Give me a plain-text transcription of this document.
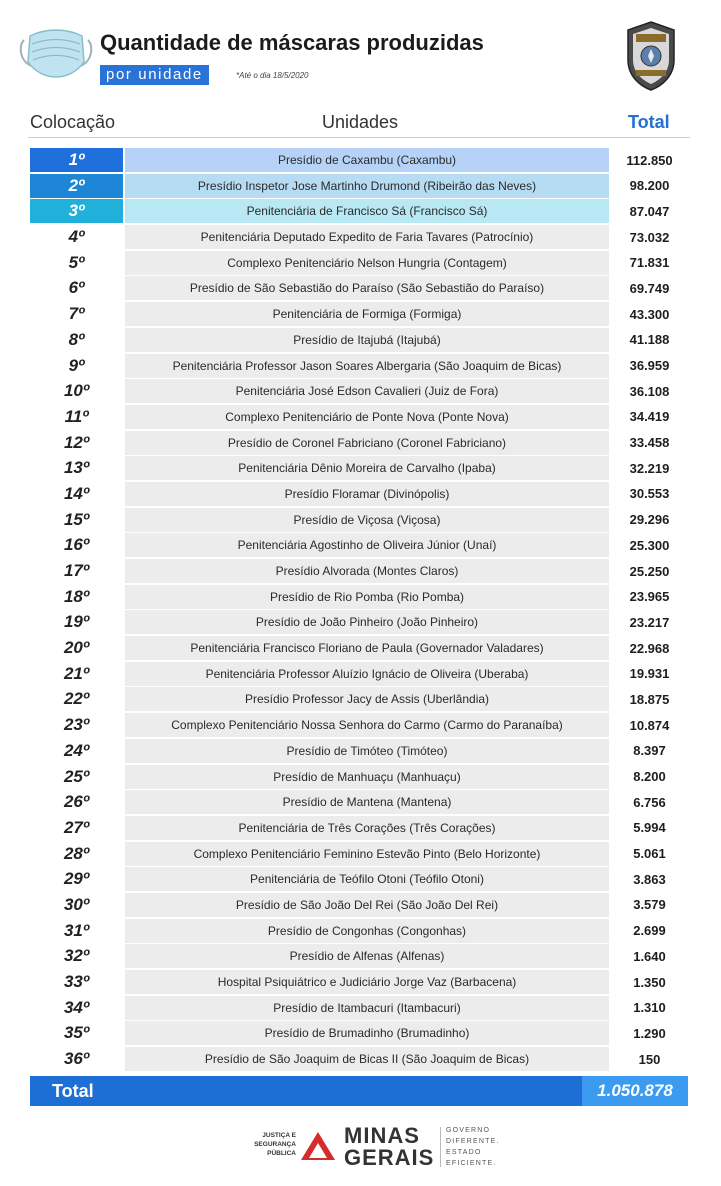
Quantidade de máscaras produzidas
por unidade	*Até o dia 18/5/2020
Colocação	Unidades	Total
1º	Presídio de Caxambu (Caxambu)	112.850
2º	Presídio Inspetor Jose Martinho Drumond (Ribeirão das Neves)	98.200
3º	Penitenciária de Francisco Sá (Francisco Sá)	87.047
4º	Penitenciária Deputado Expedito de Faria Tavares (Patrocínio)	73.032
5º	Complexo Penitenciário Nelson Hungria (Contagem)	71.831
6º	Presídio de São Sebastião do Paraíso (São Sebastião do Paraíso)	69.749
7º	Penitenciária de Formiga (Formiga)	43.300
8º	Presídio de Itajubá (Itajubá)	41.188
9º	Penitenciária Professor Jason Soares Albergaria (São Joaquim de Bicas)	36.959
10º	Penitenciária José Edson Cavalieri (Juiz de Fora)	36.108
11º	Complexo Penitenciário de Ponte Nova (Ponte Nova)	34.419
12º	Presídio de Coronel Fabriciano (Coronel Fabriciano)	33.458
13º	Penitenciária Dênio Moreira de Carvalho (Ipaba)	32.219
14º	Presídio Floramar (Divinópolis)	30.553
15º	Presídio de Viçosa (Viçosa)	29.296
16º	Penitenciária Agostinho de Oliveira Júnior (Unaí)	25.300
17º	Presídio Alvorada (Montes Claros)	25.250
18º	Presídio de Rio Pomba (Rio Pomba)	23.965
19º	Presídio de João Pinheiro (João Pinheiro)	23.217
20º	Penitenciária Francisco Floriano de Paula (Governador Valadares)	22.968
21º	Penitenciária Professor Aluízio Ignácio de Oliveira (Uberaba)	19.931
22º	Presídio Professor Jacy de Assis (Uberlândia)	18.875
23º	Complexo Penitenciário Nossa Senhora do Carmo (Carmo do Paranaíba)	10.874
24º	Presídio de Timóteo (Timóteo)	8.397
25º	Presídio de Manhuaçu (Manhuaçu)	8.200
26º	Presídio de Mantena (Mantena)	6.756
27º	Penitenciária de Três Corações (Três Corações)	5.994
28º	Complexo Penitenciário Feminino Estevão Pinto (Belo Horizonte)	5.061
29º	Penitenciária de Teófilo Otoni (Teófilo Otoni)	3.863
30º	Presídio de São João Del Rei (São João Del Rei)	3.579
31º	Presídio de Congonhas (Congonhas)	2.699
32º	Presídio de Alfenas (Alfenas)	1.640
33º	Hospital Psiquiátrico e Judiciário Jorge Vaz (Barbacena)	1.350
34º	Presídio de Itambacuri (Itambacuri)	1.310
35º	Presídio de Brumadinho (Brumadinho)	1.290
36º	Presídio de São Joaquim de Bicas II (São Joaquim de Bicas)	150
Total	1.050.878
JUSTIÇA E
SEGURANÇA
PÚBLICA
MINAS
GERAIS
GOVERNO
DIFERENTE.
ESTADO
EFICIENTE.
